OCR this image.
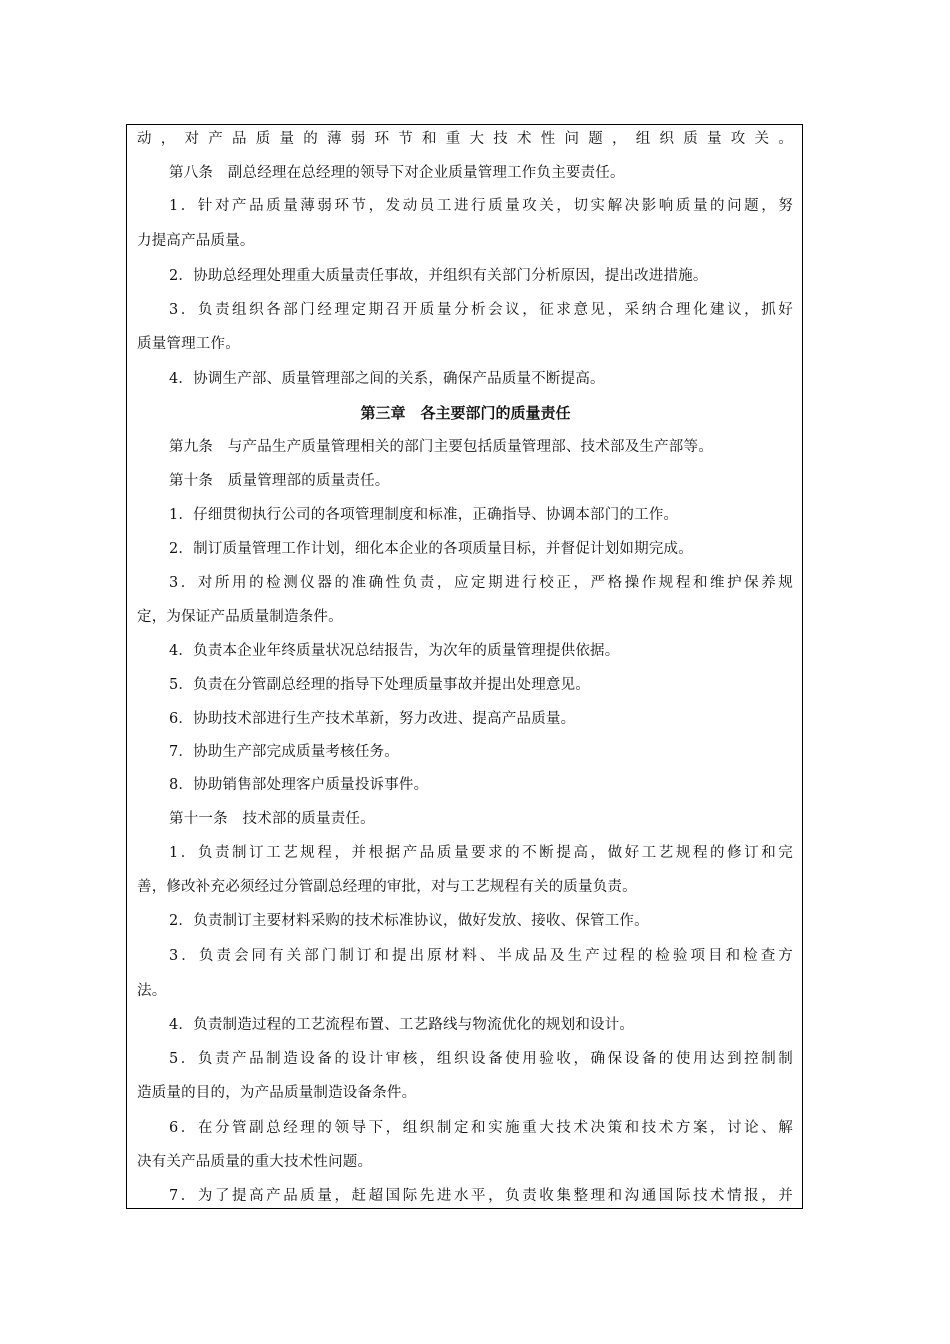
动，对产品质量的薄弱环节和重大技术性问题，组织质量攻关。
第八条　副总经理在总经理的领导下对企业质量管理工作负主要责任。
1．针对产品质量薄弱环节，发动员工进行质量攻关，切实解决影响质量的问题，努
力提高产品质量。
2．协助总经理处理重大质量责任事故，并组织有关部门分析原因，提出改进措施。
3．负责组织各部门经理定期召开质量分析会议，征求意见，采纳合理化建议，抓好
质量管理工作。
4．协调生产部、质量管理部之间的关系，确保产品质量不断提高。
第三章　各主要部门的质量责任
第九条　与产品生产质量管理相关的部门主要包括质量管理部、技术部及生产部等。
第十条　质量管理部的质量责任。
1．仔细贯彻执行公司的各项管理制度和标准，正确指导、协调本部门的工作。
2．制订质量管理工作计划，细化本企业的各项质量目标，并督促计划如期完成。
3．对所用的检测仪器的准确性负责，应定期进行校正，严格操作规程和维护保养规
定，为保证产品质量制造条件。
4．负责本企业年终质量状况总结报告，为次年的质量管理提供依据。
5．负责在分管副总经理的指导下处理质量事故并提出处理意见。
6．协助技术部进行生产技术革新，努力改进、提高产品质量。
7．协助生产部完成质量考核任务。
8．协助销售部处理客户质量投诉事件。
第十一条　技术部的质量责任。
1．负责制订工艺规程，并根据产品质量要求的不断提高，做好工艺规程的修订和完
善，修改补充必须经过分管副总经理的审批，对与工艺规程有关的质量负责。
2．负责制订主要材料采购的技术标准协议，做好发放、接收、保管工作。
3．负责会同有关部门制订和提出原材料、半成品及生产过程的检验项目和检查方
法。
4．负责制造过程的工艺流程布置、工艺路线与物流优化的规划和设计。
5．负责产品制造设备的设计审核，组织设备使用验收，确保设备的使用达到控制制
造质量的目的，为产品质量制造设备条件。
6．在分管副总经理的领导下，组织制定和实施重大技术决策和技术方案，讨论、解
决有关产品质量的重大技术性问题。
7．为了提高产品质量，赶超国际先进水平，负责收集整理和沟通国际技术情报，并
